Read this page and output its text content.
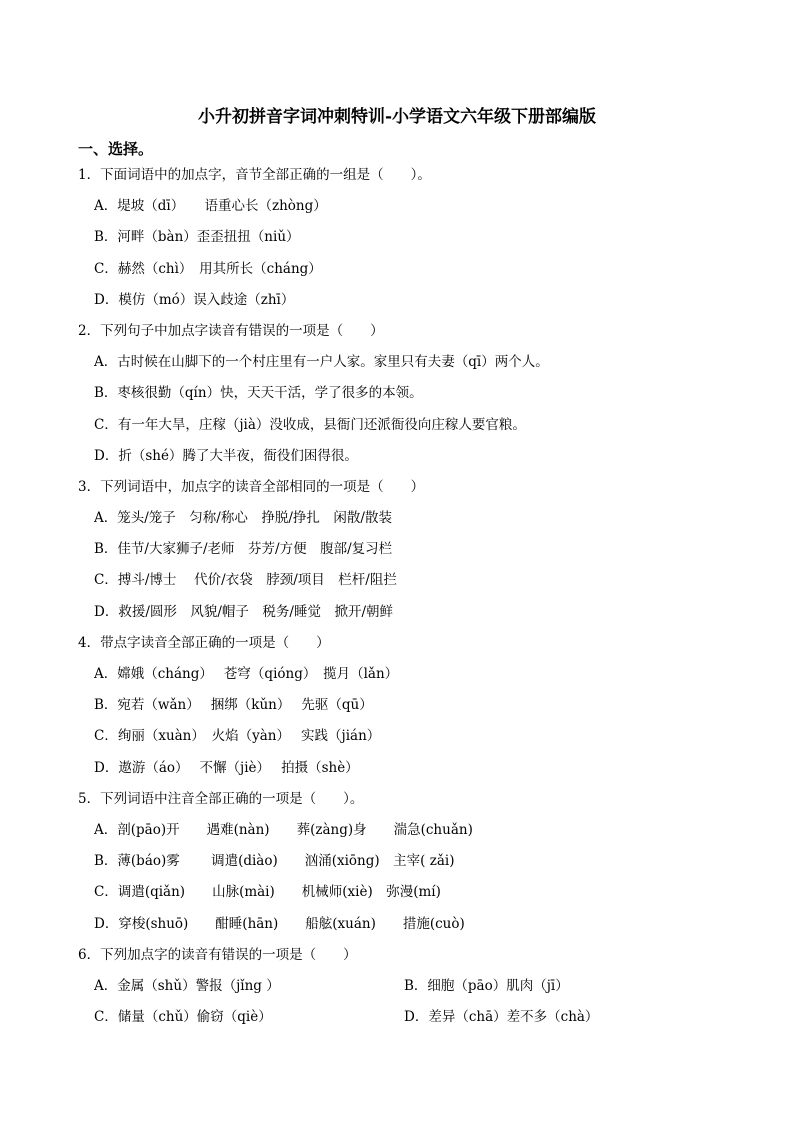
小升初拼音字词冲刺特训-小学语文六年级下册部编版
一、选择。
1．下面词语中的加点字，音节全部正确的一组是（　　）。
A．堤坡（dī）　　语重心长（zhòng）
B．河畔（bàn）歪歪扭扭（niǔ）
C．赫然（chì）　用其所长（cháng）
D．模仿（mó）误入歧途（zhī）
2．下列句子中加点字读音有错误的一项是（　　）
A．古时候在山脚下的一个村庄里有一户人家。家里只有夫妻（qī）两个人。
B．枣核很勤（qín）快，天天干活，学了很多的本领。
C．有一年大旱，庄稼（jià）没收成，县衙门还派衙役向庄稼人要官粮。
D．折（shé）腾了大半夜，衙役们困得很。
3．下列词语中，加点字的读音全部相同的一项是（　　）
A．笼头/笼子　匀称/称心　挣脱/挣扎　闲散/散装
B．佳节/大家狮子/老师　芬芳/方便　腹部/复习栏
C．搏斗/博士　 代价/衣袋　脖颈/项目　栏杆/阻拦
D．救援/圆形　风貌/帽子　税务/睡觉　掀开/朝鲜
4．带点字读音全部正确的一项是（　　）
A．嫦娥（cháng）　 苍穹（qióng）　揽月（lǎn）
B．宛若（wǎn）　 捆绑（kǔn）　 先驱（qū）
C．绚丽（xuàn）　火焰（yàn）　 实践（jián）
D．遨游（áo）　 不懈（jiè）　 拍摄（shè）
5．下列词语中注音全部正确的一项是（　　）。
A．剖(pāo)开　　遇难(nàn)　　葬(zàng)身　　湍急(chuǎn)
B．薄(báo)雾　　 调遣(diào)　　汹涌(xiōng)　主宰( zǎi)
C．调遣(qiǎn)　　山脉(mài)　　机械师(xiè)　弥漫(mí)
D．穿梭(shuō)　　酣睡(hān)　　船舷(xuán)　　措施(cuò)
6．下列加点字的读音有错误的一项是（　　）
A．金属（shǔ）警报（jǐng ）	B．细胞（pāo）肌肉（jī）
C．储量（chǔ）偷窃（qiè）	D．差异（chā）差不多（chà）
